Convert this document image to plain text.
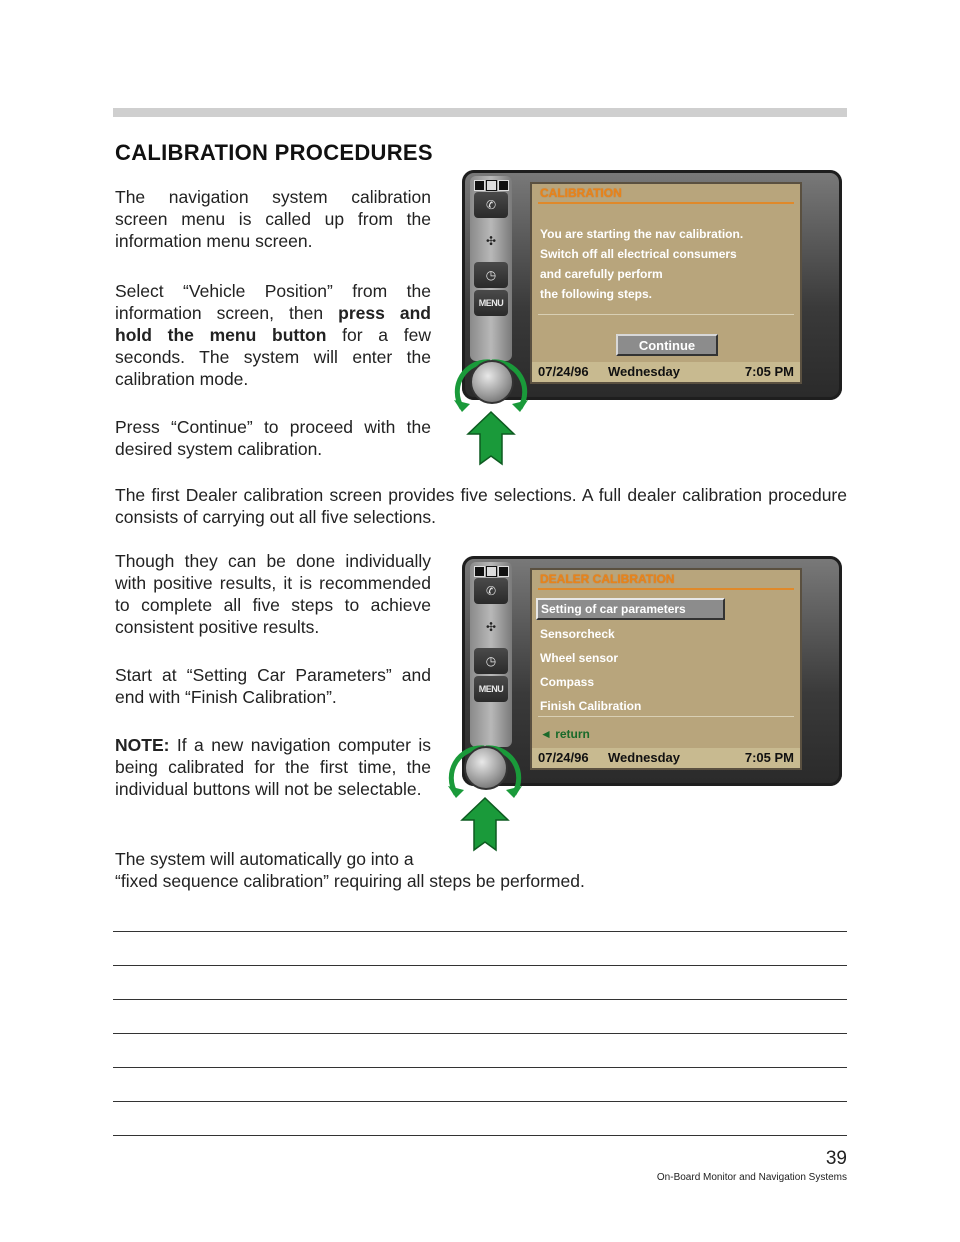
CALIBRATION PROCEDURES

The navigation system calibration screen menu is called up from the information menu screen.

Select “Vehicle Position” from the information screen, then press and hold the menu button for a few seconds. The system will enter the calibration mode.

Press “Continue” to proceed with the desired system calibration.

The first Dealer calibration screen provides five selections. A full dealer calibration procedure consists of carrying out all five selections.

Though they can be done individually with positive results, it is recommended to complete all five steps to achieve consistent positive results.

Start at “Setting Car Parameters” and end with “Finish Calibration”.

NOTE: If a new navigation computer is being calibrated for the first time, the individual buttons will not be selectable.

The system will automatically go into a
“fixed sequence calibration” requiring all steps be performed.

✆
✣
◷
MENU
CALIBRATION
You are starting the nav calibration.
Switch off all electrical consumers
and carefully perform
the following steps.
Continue
07/24/96 Wednesday	7:05 PM
✆
✣
◷
MENU
DEALER CALIBRATION
Setting of car parameters
Sensorcheck
Wheel sensor
Compass
Finish Calibration
◄ return
07/24/96 Wednesday	7:05 PM
39
On-Board Monitor and Navigation Systems
